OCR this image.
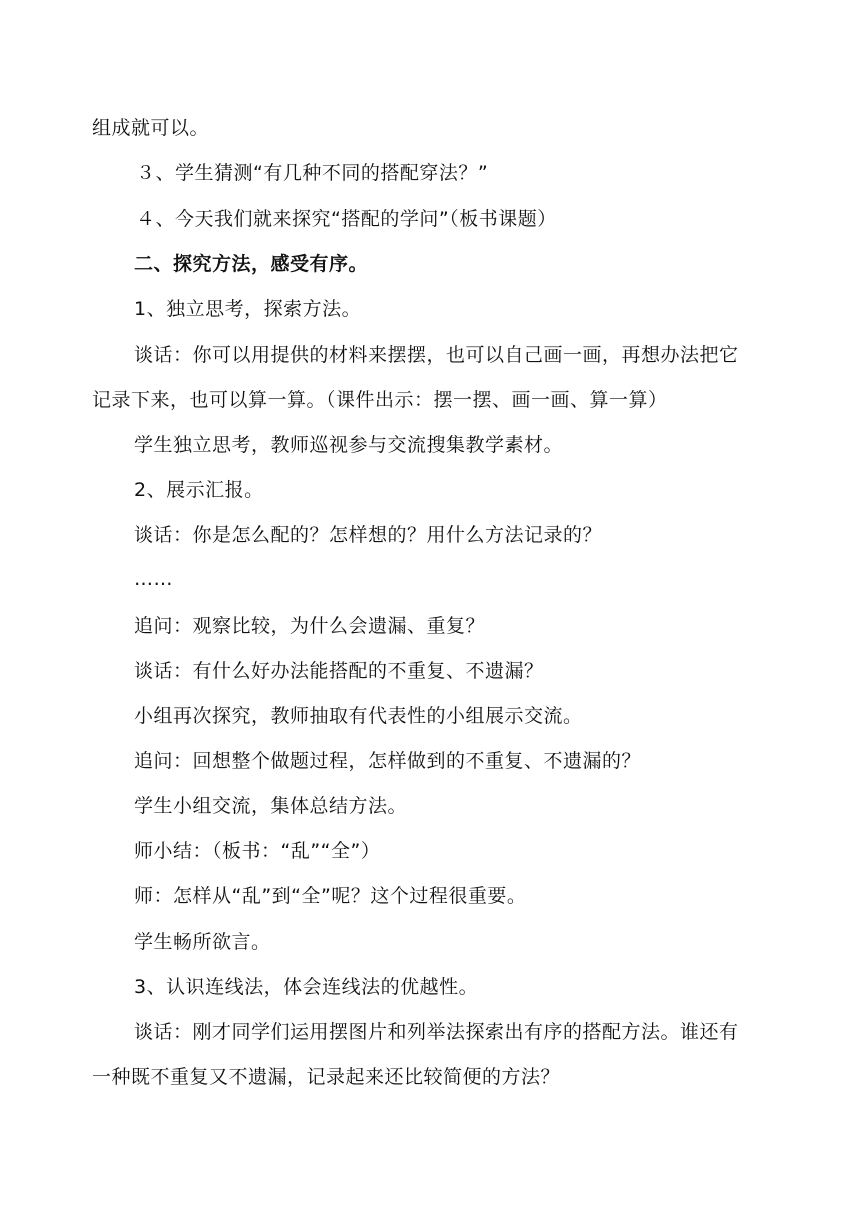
组成就可以。
３、学生猜测“有几种不同的搭配穿法？”
４、今天我们就来探究“搭配的学问”（板书课题）
二、探究方法，感受有序。
1、独立思考，探索方法。
谈话：你可以用提供的材料来摆摆，也可以自己画一画，再想办法把它
记录下来，也可以算一算。（课件出示：摆一摆、画一画、算一算）
学生独立思考，教师巡视参与交流搜集教学素材。
2、展示汇报。
谈话：你是怎么配的？怎样想的？用什么方法记录的？
……
追问：观察比较，为什么会遗漏、重复？
谈话：有什么好办法能搭配的不重复、不遗漏？
小组再次探究，教师抽取有代表性的小组展示交流。
追问：回想整个做题过程，怎样做到的不重复、不遗漏的？
学生小组交流，集体总结方法。
师小结：（板书：“乱”“全”）
师：怎样从“乱”到“全”呢？这个过程很重要。
学生畅所欲言。
3、认识连线法，体会连线法的优越性。
谈话：刚才同学们运用摆图片和列举法探索出有序的搭配方法。谁还有
一种既不重复又不遗漏，记录起来还比较简便的方法？
